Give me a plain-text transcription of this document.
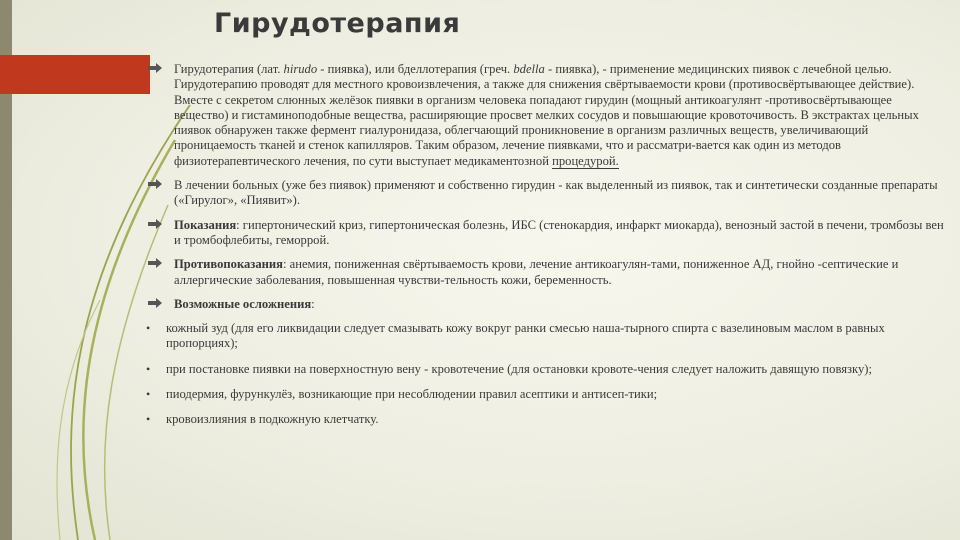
Гирудотерапия
Гирудотерапия (лат. hirudo - пиявка), или бделлотерапия (греч. bdella - пиявка), - применение медицинских пиявок с лечебной целью. Гирудотерапию проводят для местного кровоизвлечения, а также для снижения свёртываемости крови (противосвёртывающее действие). Вместе с секретом слюнных желёзок пиявки в организм человека попадают гирудин (мощный антикоагулянт -противосвёртывающее вещество) и гистаминоподобные вещества, расширяющие просвет мелких сосудов и повышающие кровоточивость. В экстрактах цельных пиявок обнаружен также фермент гиалуронидаза, облегчающий проникновение в организм различных веществ, увеличивающий проницаемость тканей и стенок капилляров. Таким образом, лечение пиявками, что и рассматри-вается как один из методов физиотерапевтического лечения, по сути выступает медикаментозной процедурой.
В лечении больных (уже без пиявок) применяют и собственно гирудин - как выделенный из пиявок, так и синтетически созданные препараты («Гирулог», «Пиявит»).
Показания: гипертонический криз, гипертоническая болезнь, ИБС (стенокардия, инфаркт миокарда), венозный застой в печени, тромбозы вен и тромбофлебиты, геморрой.
Противопоказания: анемия, пониженная свёртываемость крови, лечение антикоагулян-тами, пониженное АД, гнойно -септические и аллергические заболевания, повышенная чувстви-тельность кожи, беременность.
Возможные осложнения:
• кожный зуд (для его ликвидации следует смазывать кожу вокруг ранки смесью наша-тырного спирта с вазелиновым маслом в равных пропорциях);
• при постановке пиявки на поверхностную вену - кровотечение (для остановки кровоте-чения следует наложить давящую повязку);
• пиодермия, фурункулёз, возникающие при несоблюдении правил асептики и антисеп-тики;
• кровоизлияния в подкожную клетчатку.
